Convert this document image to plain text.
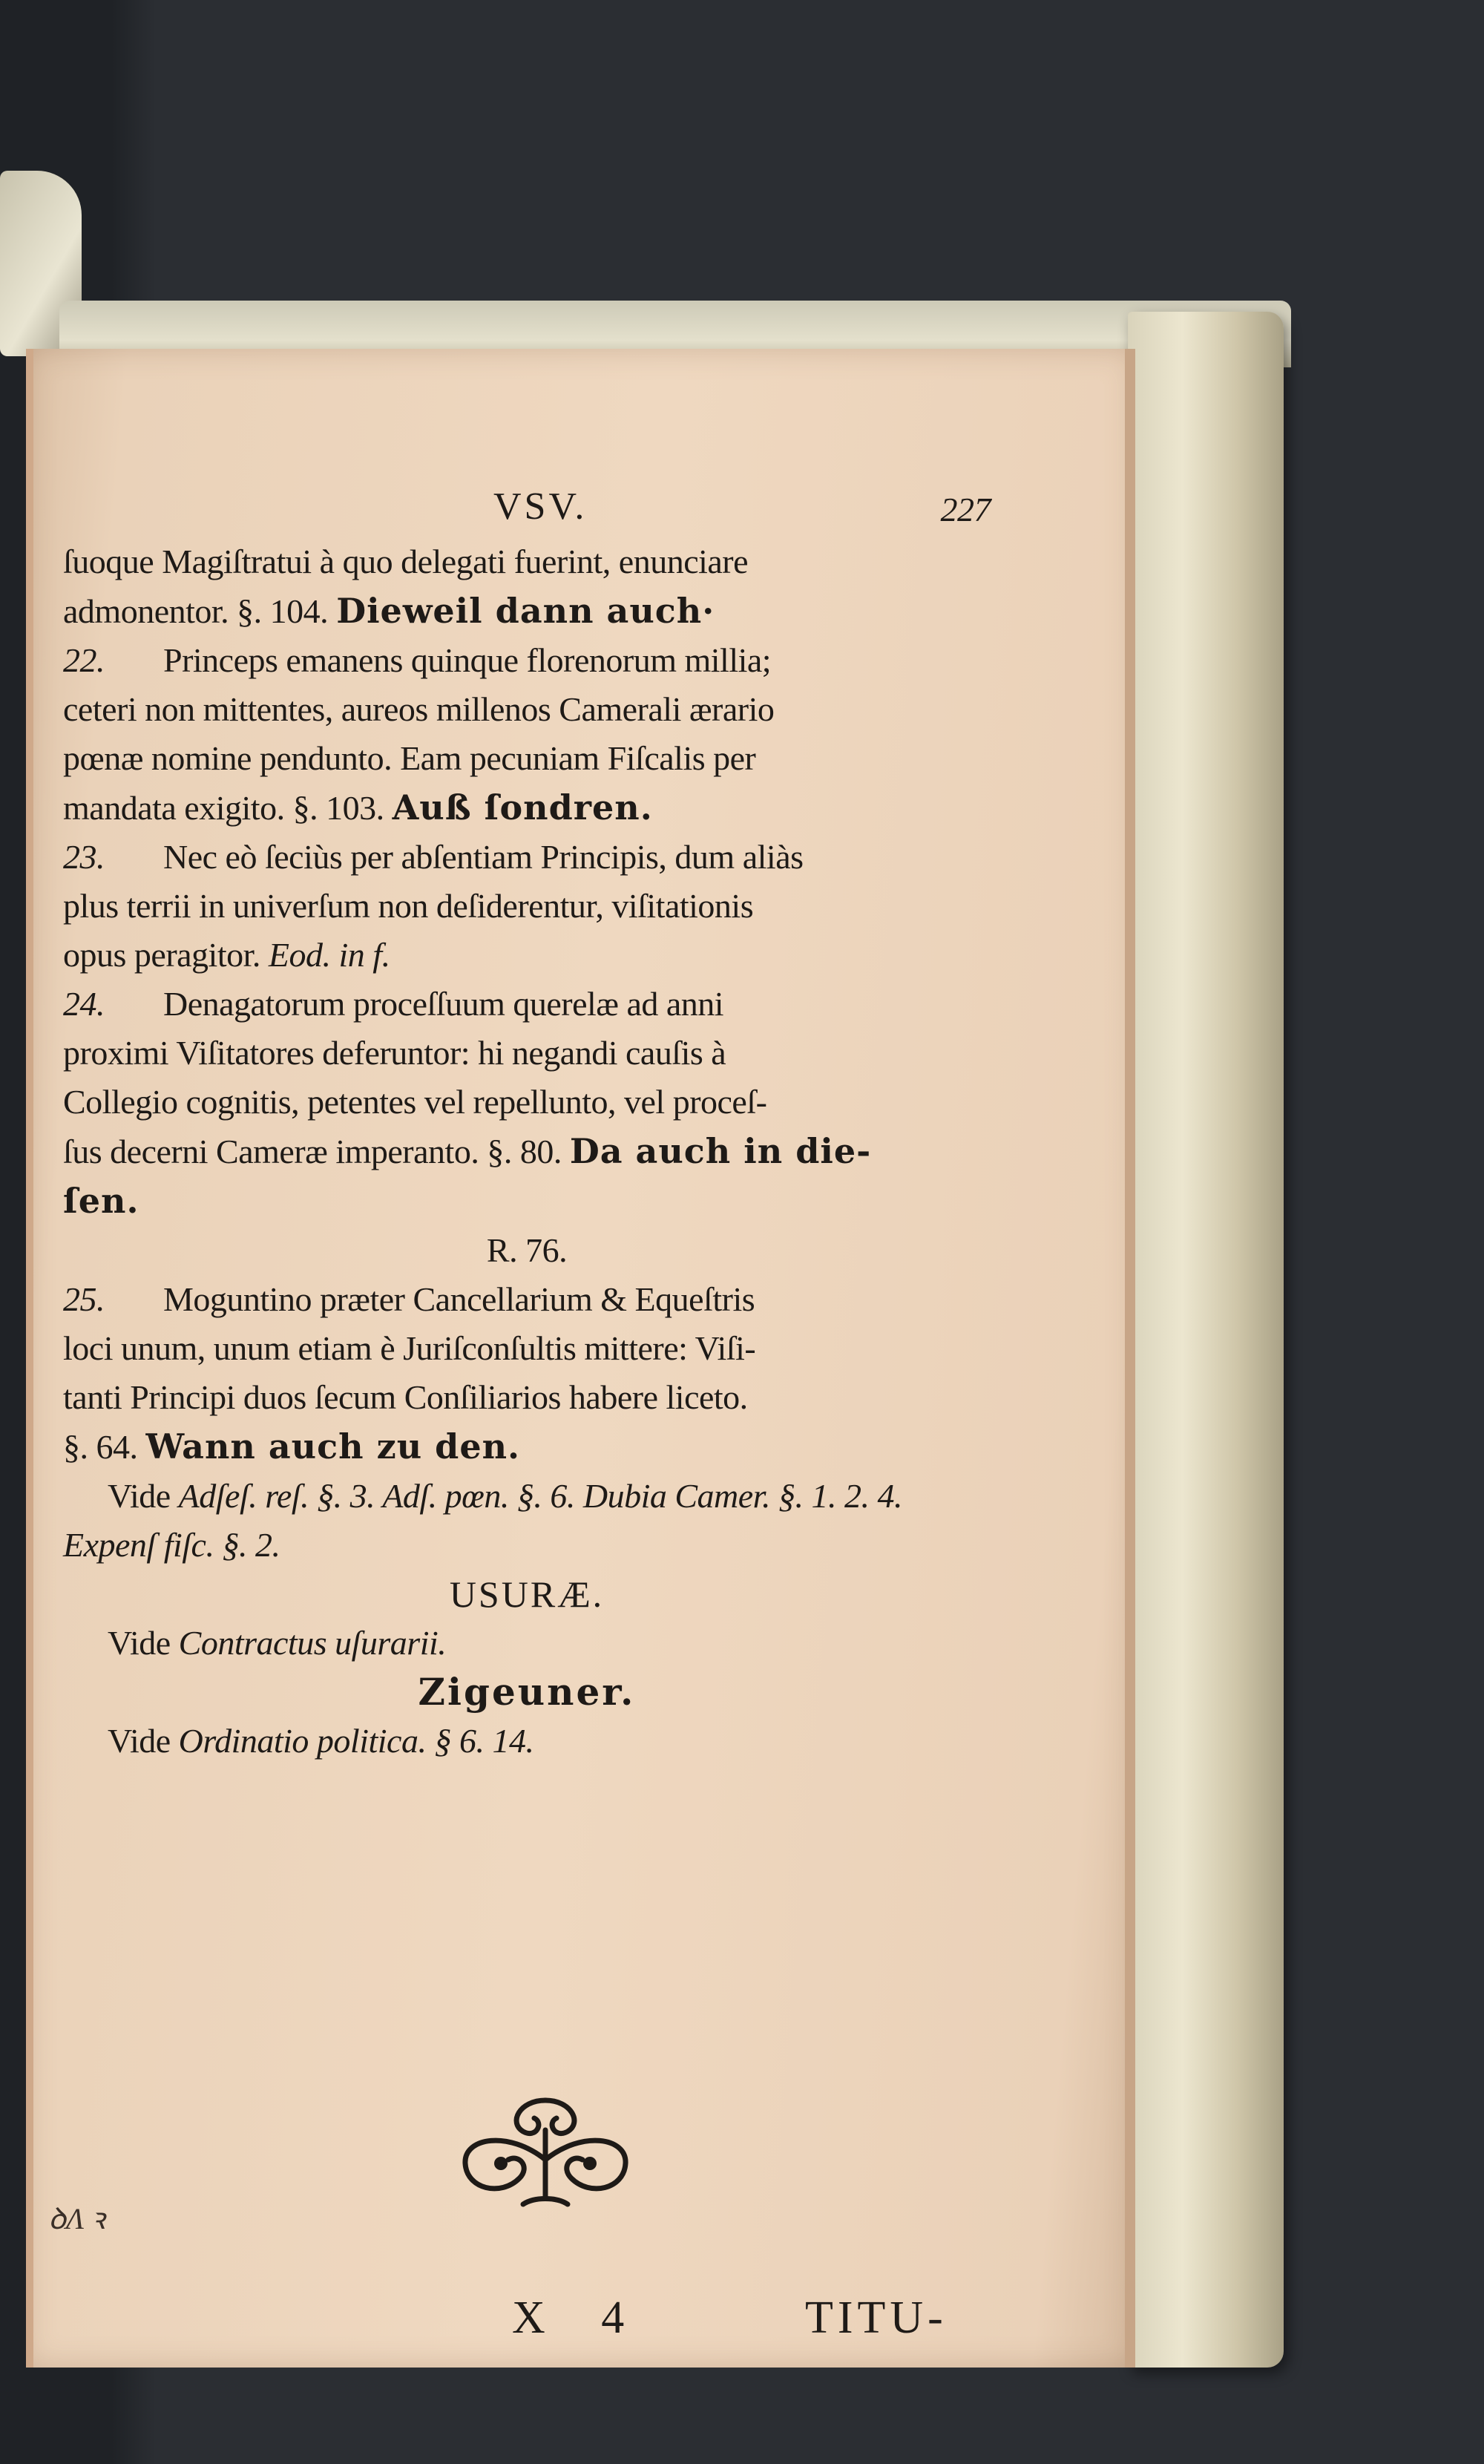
VSV.	227
ſuoque Magiſtratui à quo delegati fuerint, enunciare
admonentor. §. 104. Dieweil dann auch·
22. Princeps emanens quinque florenorum millia;
ceteri non mittentes, aureos millenos Camerali ærario
pœnæ nomine penduntο. Eam pecuniam Fiſcalis per
mandata exigito. §. 103. Auß ſondren.
23. Nec eò ſeciùs per abſentiam Principis, dum aliàs
plus terrii in univerſum non deſiderentur, viſitationis
opus peragitor. Eod. in f.
24. Denagatorum proceſſuum querelæ ad anni
proximi Viſitatores deferuntor: hi negandi cauſis à
Collegio cognitis, petentes vel repellunto, vel proceſ-
ſus decerni Cameræ imperanto. §. 80. Da auch in die-
ſen.
R. 76.
25. Moguntino præter Cancellarium & Equeſtris
loci unum, unum etiam è Juriſconſultis mittere: Viſi-
tanti Principi duos ſecum Conſiliarios habere liceto.
§. 64. Wann auch zu den.
Vide Adſeſ. reſ. §. 3. Adſ. pœn. §. 6. Dubia Camer. §. 1. 2. 4.
Expenſ fiſc. §. 2.
USURÆ.
Vide Contractus uſurarii.
Zigeuner.
Vide Ordinatio politica. § 6. 14.
X 4	TITU-
ꝺΛ ꝛ
